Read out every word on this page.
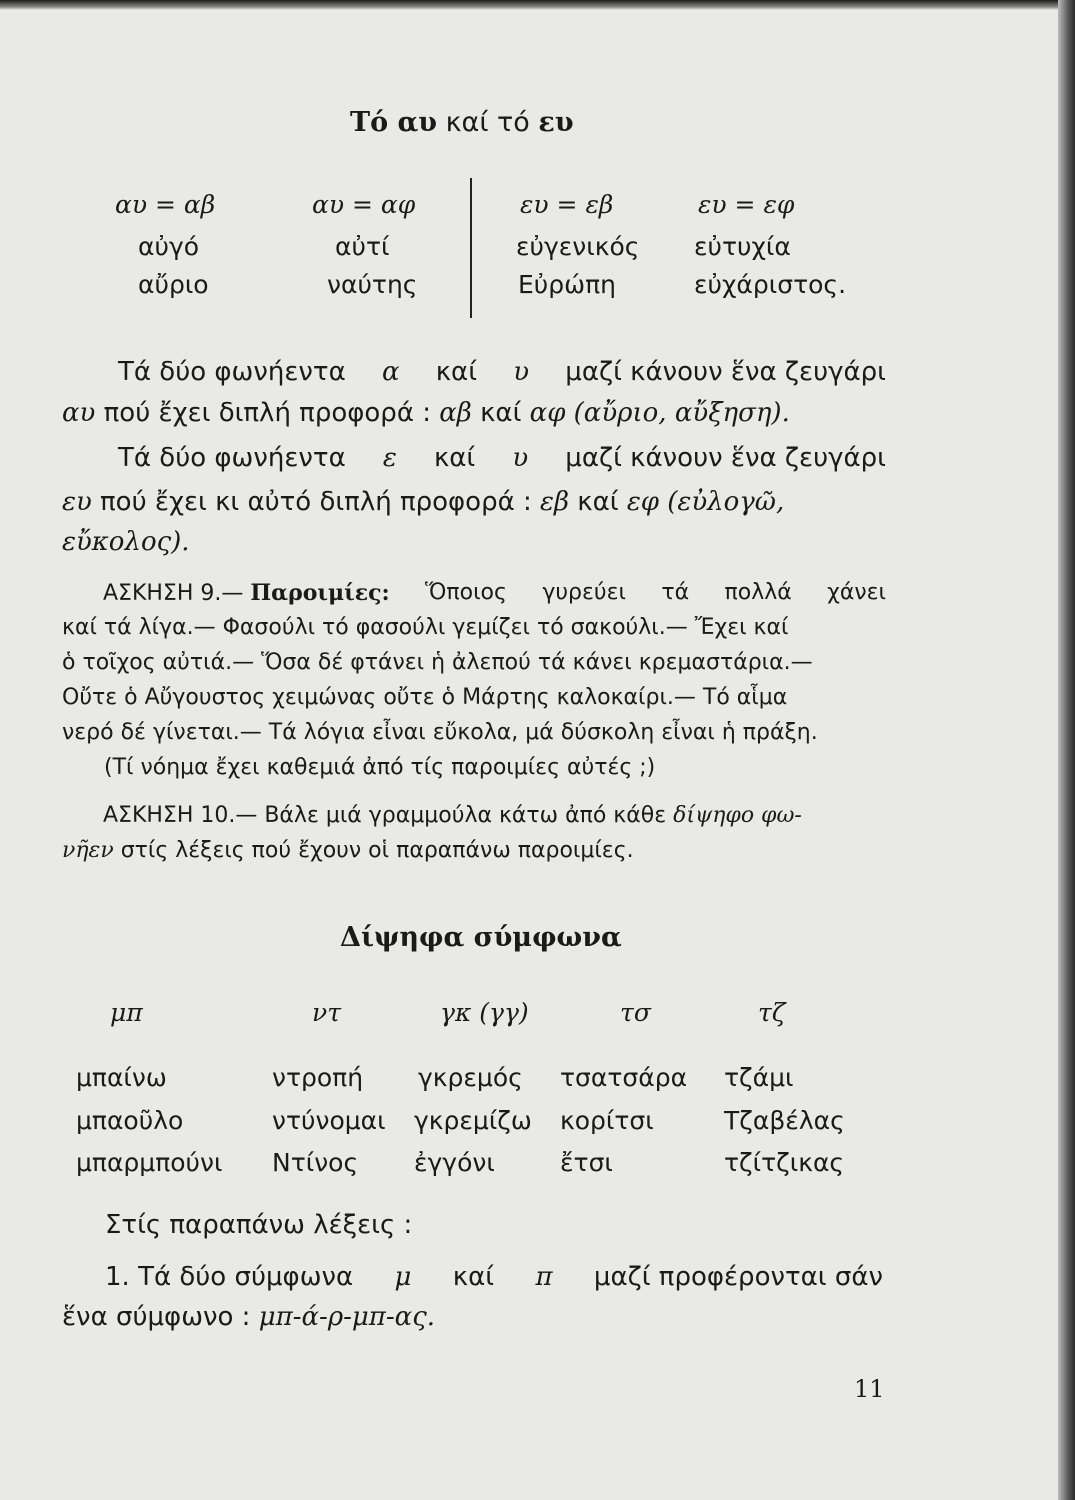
Τό αυ καί τό ευ
αυ = αβ
αὐγό
αὔριο
αυ = αφ
αὐτί
ναύτης
ευ = εβ
εὐγενικός
Εὐρώπη
ευ = εφ
εὐτυχία
εὐχάριστος.
Τά δύο φωνήεντα α καί υ μαζί κάνουν ἕνα ζευγάρι
αυ πού ἔχει διπλή προφορά : αβ καί αφ (αὔριο, αὔξηση).
Τά δύο φωνήεντα ε καί υ μαζί κάνουν ἕνα ζευγάρι
ευ πού ἔχει κι αὐτό διπλή προφορά : εβ καί εφ (εὐλογῶ,
εὔκολος).
ΑΣΚΗΣΗ 9.— Παροιμίες: Ὅποιος γυρεύει τά πολλά χάνει
καί τά λίγα.— Φασούλι τό φασούλι γεμίζει τό σακούλι.— Ἔχει καί
ὁ τοῖχος αὐτιά.— Ὅσα δέ φτάνει ἡ ἀλεπού τά κάνει κρεμαστάρια.—
Οὔτε ὁ Αὔγουστος χειμώνας οὔτε ὁ Μάρτης καλοκαίρι.— Τό αἷμα
νερό δέ γίνεται.— Τά λόγια εἶναι εὔκολα, μά δύσκολη εἶναι ἡ πράξη.
(Τί νόημα ἔχει καθεμιά ἀπό τίς παροιμίες αὐτές ;)
ΑΣΚΗΣΗ 10.— Βάλε μιά γραμμούλα κάτω ἀπό κάθε δίψηφο φω-
νῆεν στίς λέξεις πού ἔχουν οἱ παραπάνω παροιμίες.
Δίψηφα σύμφωνα
μπ
μπαίνω
μπαοῦλο
μπαρμπούνι
ντ
ντροπή
ντύνομαι
Ντίνος
γκ (γγ)
γκρεμός
γκρεμίζω
ἐγγόνι
τσ
τσατσάρα
κορίτσι
ἔτσι
τζ
τζάμι
Τζαβέλας
τζίτζικας
Στίς παραπάνω λέξεις :
1. Τά δύο σύμφωνα μ καί π μαζί προφέρονται σάν
ἕνα σύμφωνο : μπ-ά-ρ-μπ-ας.
11
